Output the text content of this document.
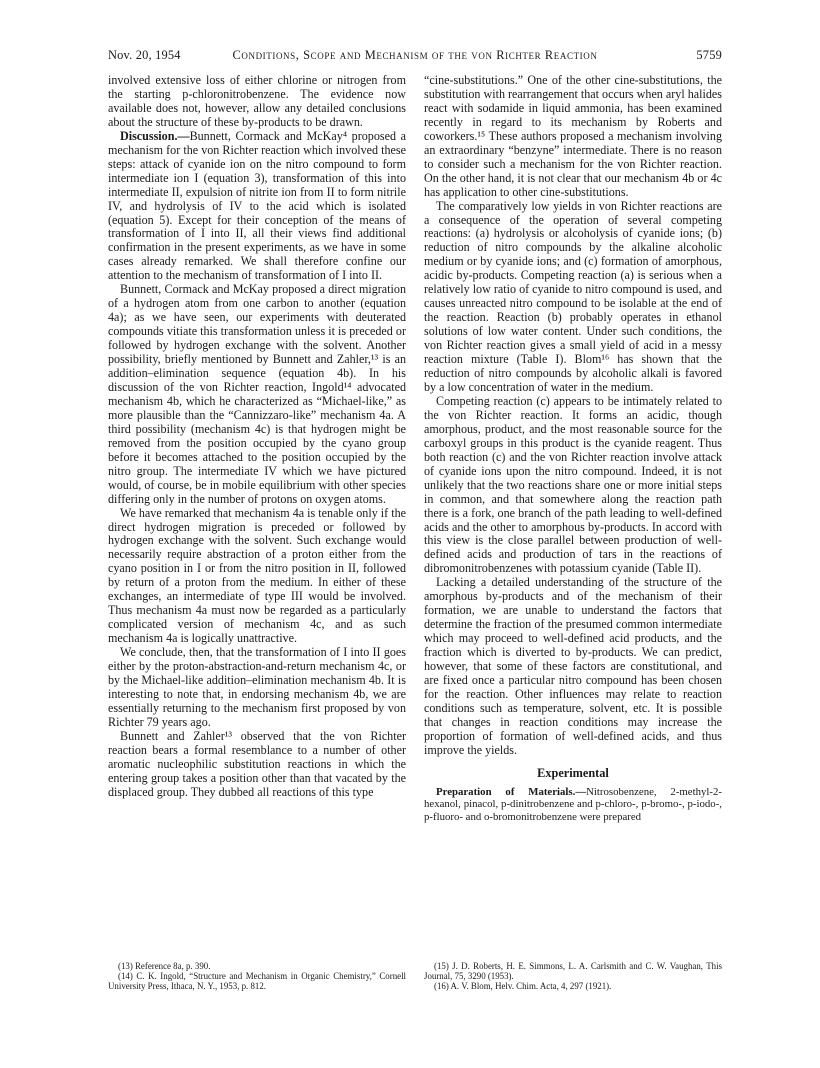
Nov. 20, 1954	Conditions, Scope and Mechanism of the von Richter Reaction	5759

involved extensive loss of either chlorine or nitrogen from the starting p-chloronitrobenzene. The evidence now available does not, however, allow any detailed conclusions about the structure of these by-products to be drawn.

Discussion.—Bunnett, Cormack and McKay⁴ proposed a mechanism for the von Richter reaction which involved these steps: attack of cyanide ion on the nitro compound to form intermediate ion I (equation 3), transformation of this into intermediate II, expulsion of nitrite ion from II to form nitrile IV, and hydrolysis of IV to the acid which is isolated (equation 5). Except for their conception of the means of transformation of I into II, all their views find additional confirmation in the present experiments, as we have in some cases already remarked. We shall therefore confine our attention to the mechanism of transformation of I into II.

Bunnett, Cormack and McKay proposed a direct migration of a hydrogen atom from one carbon to another (equation 4a); as we have seen, our experiments with deuterated compounds vitiate this transformation unless it is preceded or followed by hydrogen exchange with the solvent. Another possibility, briefly mentioned by Bunnett and Zahler,¹³ is an addition–elimination sequence (equation 4b). In his discussion of the von Richter reaction, Ingold¹⁴ advocated mechanism 4b, which he characterized as “Michael-like,” as more plausible than the “Cannizzaro-like” mechanism 4a. A third possibility (mechanism 4c) is that hydrogen might be removed from the position occupied by the cyano group before it becomes attached to the position occupied by the nitro group. The intermediate IV which we have pictured would, of course, be in mobile equilibrium with other species differing only in the number of protons on oxygen atoms.

We have remarked that mechanism 4a is tenable only if the direct hydrogen migration is preceded or followed by hydrogen exchange with the solvent. Such exchange would necessarily require abstraction of a proton either from the cyano position in I or from the nitro position in II, followed by return of a proton from the medium. In either of these exchanges, an intermediate of type III would be involved. Thus mechanism 4a must now be regarded as a particularly complicated version of mechanism 4c, and as such mechanism 4a is logically unattractive.

We conclude, then, that the transformation of I into II goes either by the proton-abstraction-and-return mechanism 4c, or by the Michael-like addition–elimination mechanism 4b. It is interesting to note that, in endorsing mechanism 4b, we are essentially returning to the mechanism first proposed by von Richter 79 years ago.

Bunnett and Zahler¹³ observed that the von Richter reaction bears a formal resemblance to a number of other aromatic nucleophilic substitution reactions in which the entering group takes a position other than that vacated by the displaced group. They dubbed all reactions of this type

(13) Reference 8a, p. 390.

(14) C. K. Ingold, “Structure and Mechanism in Organic Chemistry,” Cornell University Press, Ithaca, N. Y., 1953, p. 812.

“cine-substitutions.” One of the other cine-substitutions, the substitution with rearrangement that occurs when aryl halides react with sodamide in liquid ammonia, has been examined recently in regard to its mechanism by Roberts and coworkers.¹⁵ These authors proposed a mechanism involving an extraordinary “benzyne” intermediate. There is no reason to consider such a mechanism for the von Richter reaction. On the other hand, it is not clear that our mechanism 4b or 4c has application to other cine-substitutions.

The comparatively low yields in von Richter reactions are a consequence of the operation of several competing reactions: (a) hydrolysis or alcoholysis of cyanide ions; (b) reduction of nitro compounds by the alkaline alcoholic medium or by cyanide ions; and (c) formation of amorphous, acidic by-products. Competing reaction (a) is serious when a relatively low ratio of cyanide to nitro compound is used, and causes unreacted nitro compound to be isolable at the end of the reaction. Reaction (b) probably operates in ethanol solutions of low water content. Under such conditions, the von Richter reaction gives a small yield of acid in a messy reaction mixture (Table I). Blom¹⁶ has shown that the reduction of nitro compounds by alcoholic alkali is favored by a low concentration of water in the medium.

Competing reaction (c) appears to be intimately related to the von Richter reaction. It forms an acidic, though amorphous, product, and the most reasonable source for the carboxyl groups in this product is the cyanide reagent. Thus both reaction (c) and the von Richter reaction involve attack of cyanide ions upon the nitro compound. Indeed, it is not unlikely that the two reactions share one or more initial steps in common, and that somewhere along the reaction path there is a fork, one branch of the path leading to well-defined acids and the other to amorphous by-products. In accord with this view is the close parallel between production of well-defined acids and production of tars in the reactions of dibromonitrobenzenes with potassium cyanide (Table II).

Lacking a detailed understanding of the structure of the amorphous by-products and of the mechanism of their formation, we are unable to understand the factors that determine the fraction of the presumed common intermediate which may proceed to well-defined acid products, and the fraction which is diverted to by-products. We can predict, however, that some of these factors are constitutional, and are fixed once a particular nitro compound has been chosen for the reaction. Other influences may relate to reaction conditions such as temperature, solvent, etc. It is possible that changes in reaction conditions may increase the proportion of formation of well-defined acids, and thus improve the yields.

Experimental

Preparation of Materials.—Nitrosobenzene, 2-methyl-2-hexanol, pinacol, p-dinitrobenzene and p-chloro-, p-bromo-, p-iodo-, p-fluoro- and o-bromonitrobenzene were prepared

(15) J. D. Roberts, H. E. Simmons, L. A. Carlsmith and C. W. Vaughan, This Journal, 75, 3290 (1953).

(16) A. V. Blom, Helv. Chim. Acta, 4, 297 (1921).
